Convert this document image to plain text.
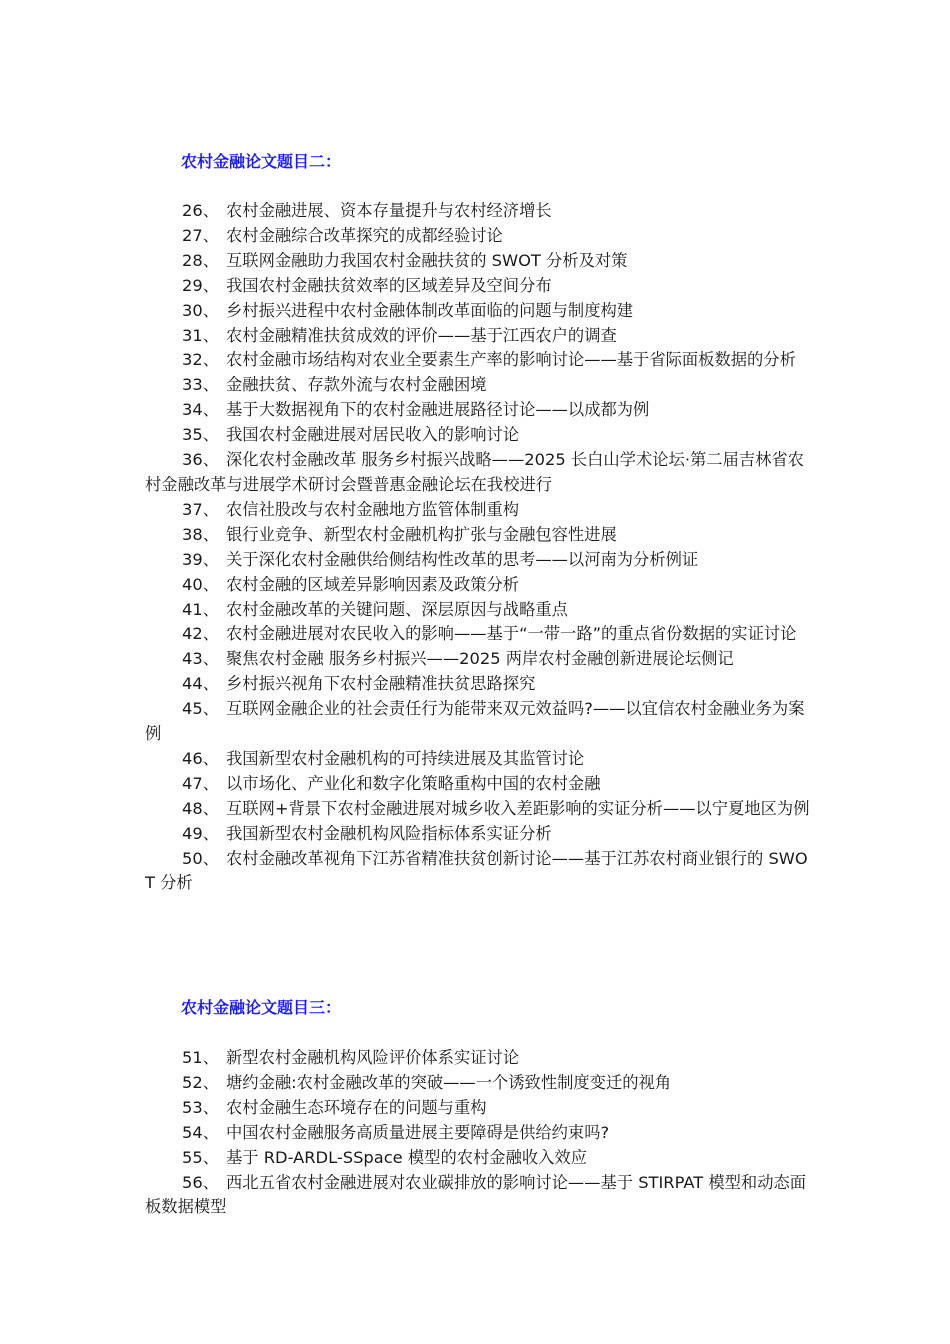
农村金融论文题目二：
26、 农村金融进展、资本存量提升与农村经济增长
27、 农村金融综合改革探究的成都经验讨论
28、 互联网金融助力我国农村金融扶贫的 SWOT 分析及对策
29、 我国农村金融扶贫效率的区域差异及空间分布
30、 乡村振兴进程中农村金融体制改革面临的问题与制度构建
31、 农村金融精准扶贫成效的评价——基于江西农户的调查
32、 农村金融市场结构对农业全要素生产率的影响讨论——基于省际面板数据的分析
33、 金融扶贫、存款外流与农村金融困境
34、 基于大数据视角下的农村金融进展路径讨论——以成都为例
35、 我国农村金融进展对居民收入的影响讨论
36、 深化农村金融改革 服务乡村振兴战略——2025 长白山学术论坛·第二届吉林省农村金融改革与进展学术研讨会暨普惠金融论坛在我校进行
37、 农信社股改与农村金融地方监管体制重构
38、 银行业竞争、新型农村金融机构扩张与金融包容性进展
39、 关于深化农村金融供给侧结构性改革的思考——以河南为分析例证
40、 农村金融的区域差异影响因素及政策分析
41、 农村金融改革的关键问题、深层原因与战略重点
42、 农村金融进展对农民收入的影响——基于“一带一路”的重点省份数据的实证讨论
43、 聚焦农村金融 服务乡村振兴——2025 两岸农村金融创新进展论坛侧记
44、 乡村振兴视角下农村金融精准扶贫思路探究
45、 互联网金融企业的社会责任行为能带来双元效益吗?——以宜信农村金融业务为案例
46、 我国新型农村金融机构的可持续进展及其监管讨论
47、 以市场化、产业化和数字化策略重构中国的农村金融
48、 互联网+背景下农村金融进展对城乡收入差距影响的实证分析——以宁夏地区为例
49、 我国新型农村金融机构风险指标体系实证分析
50、 农村金融改革视角下江苏省精准扶贫创新讨论——基于江苏农村商业银行的 SWOT 分析
农村金融论文题目三：
51、 新型农村金融机构风险评价体系实证讨论
52、 塘约金融:农村金融改革的突破——一个诱致性制度变迁的视角
53、 农村金融生态环境存在的问题与重构
54、 中国农村金融服务高质量进展主要障碍是供给约束吗?
55、 基于 RD-ARDL-SSpace 模型的农村金融收入效应
56、 西北五省农村金融进展对农业碳排放的影响讨论——基于 STIRPAT 模型和动态面板数据模型
